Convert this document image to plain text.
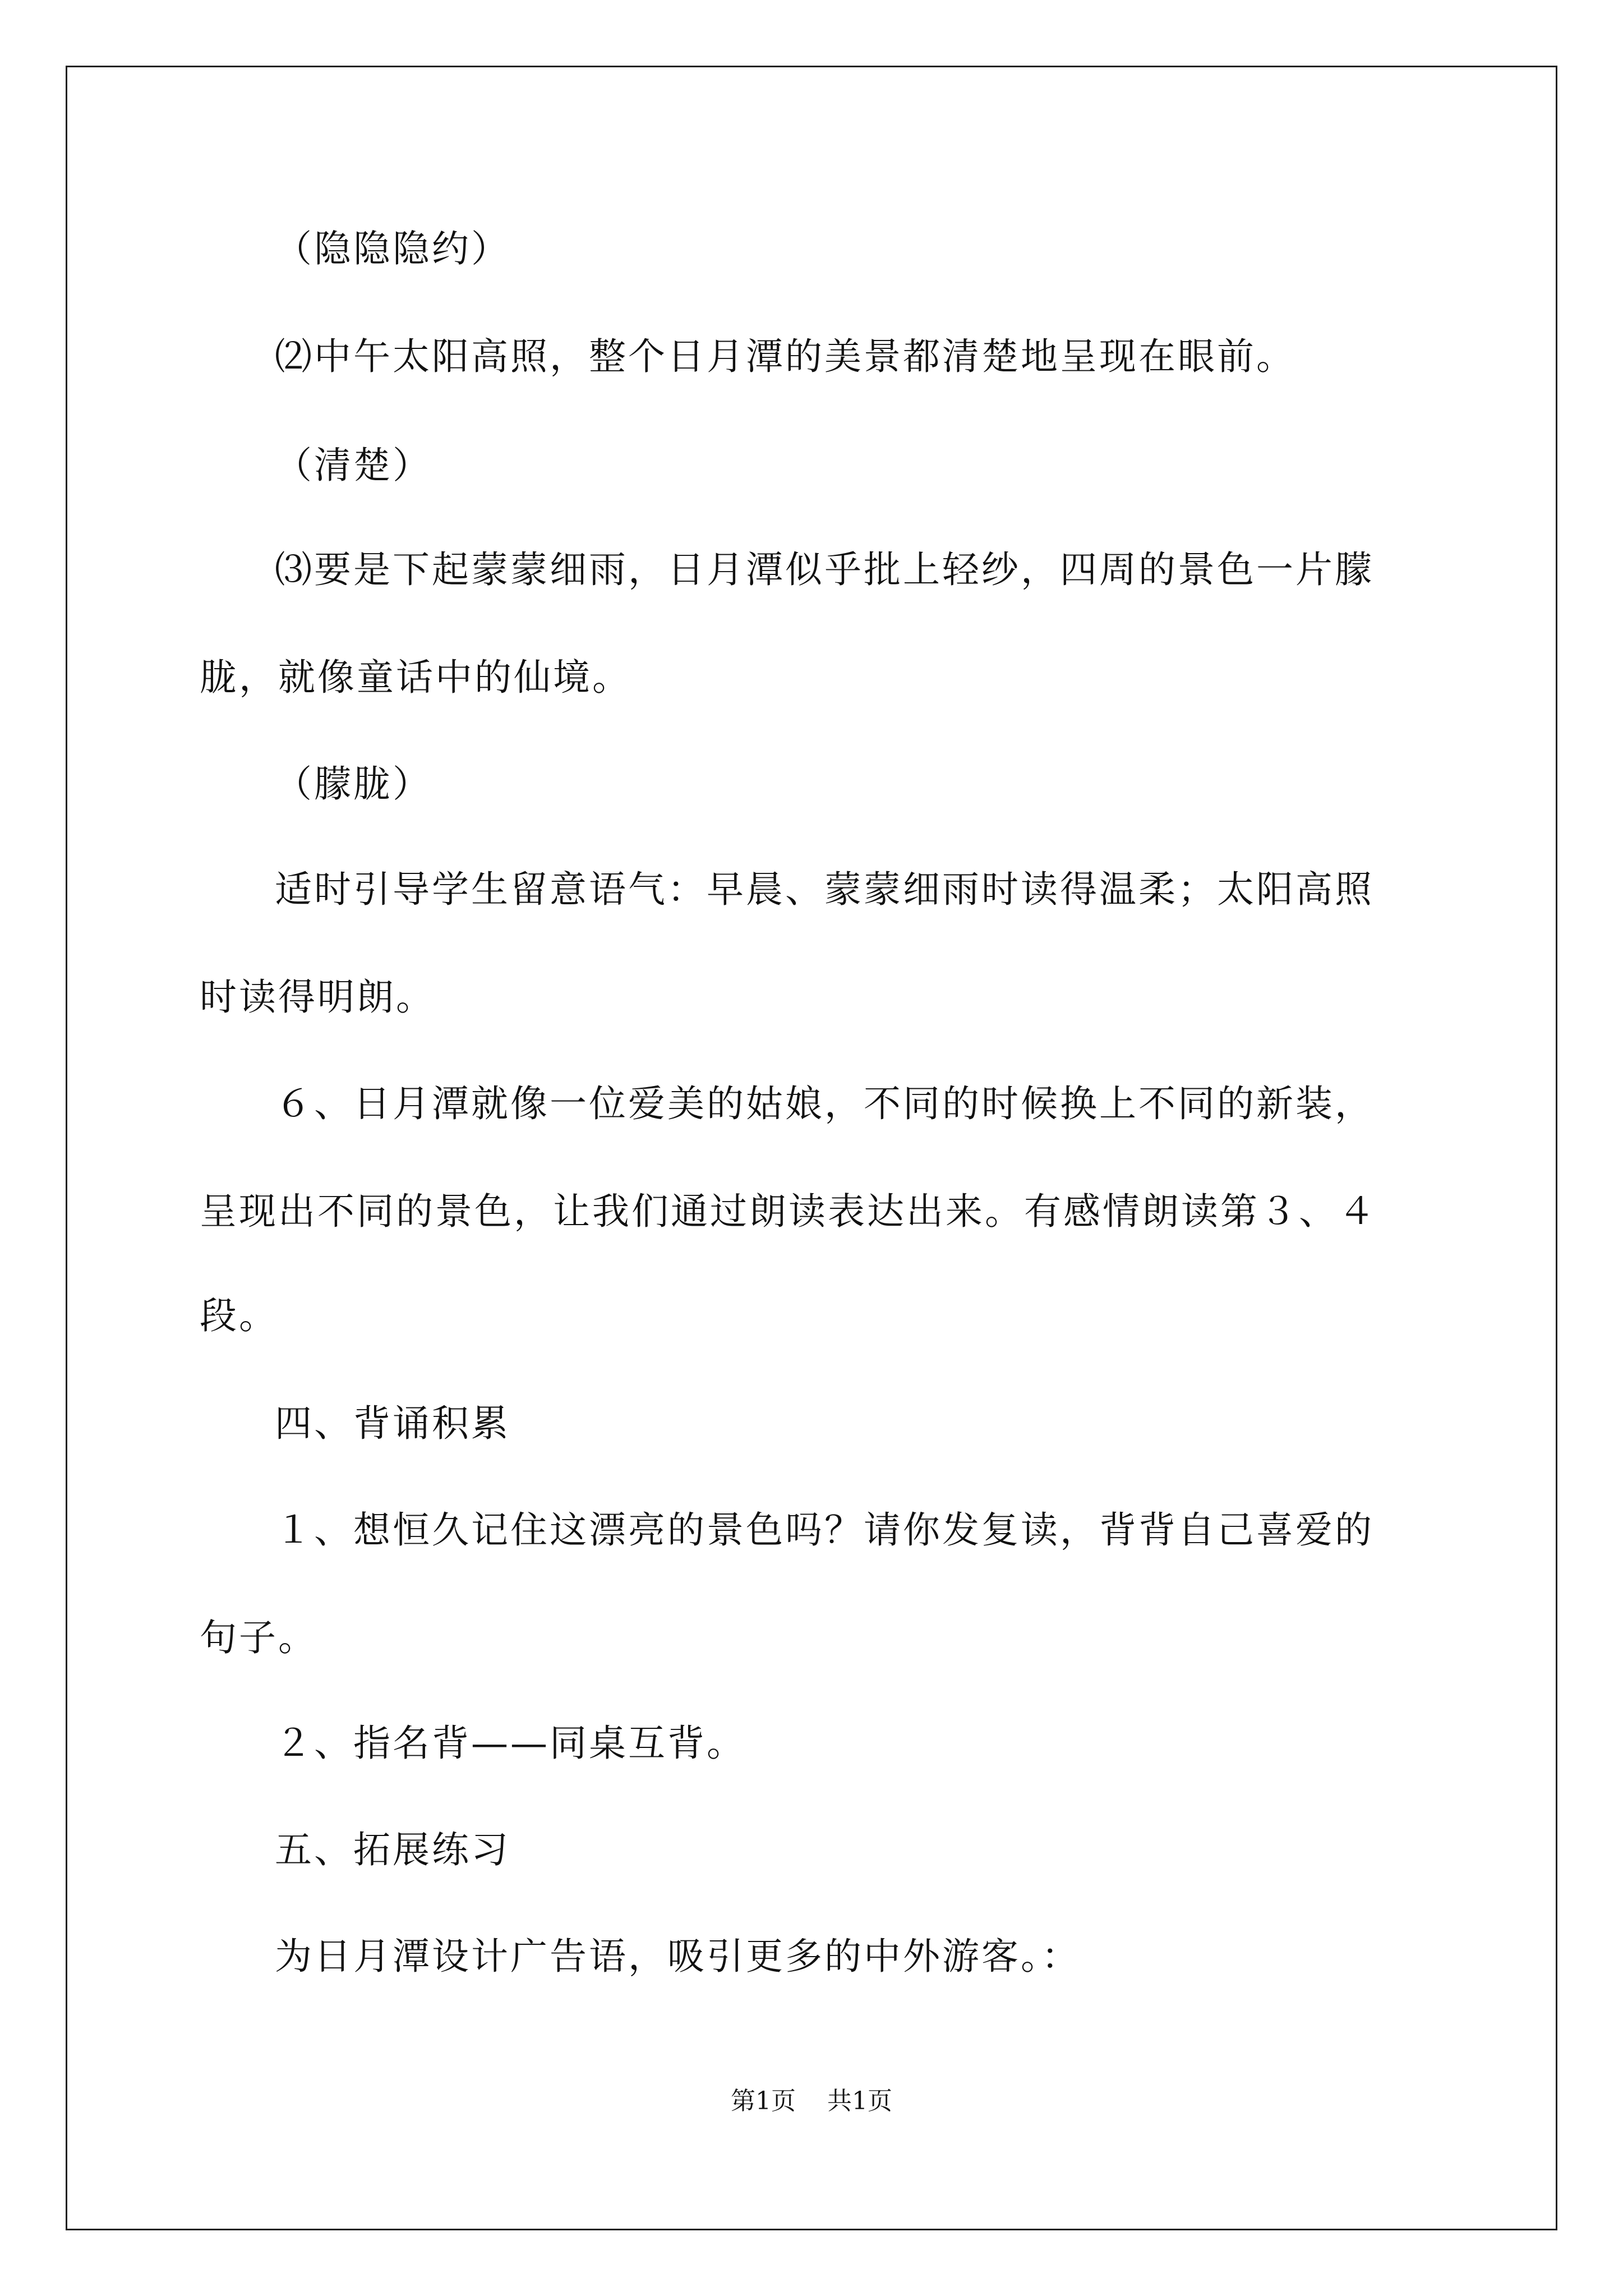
（隐隐隐约）
⑵中午太阳高照，整个日月潭的美景都清楚地呈现在眼前。
（清楚）
⑶要是下起蒙蒙细雨，日月潭似乎批上轻纱，四周的景色一片朦
胧，就像童话中的仙境。
（朦胧）
适时引导学生留意语气：早晨、蒙蒙细雨时读得温柔；太阳高照
时读得明朗。
６、日月潭就像一位爱美的姑娘，不同的时候换上不同的新装，
呈现出不同的景色，让我们通过朗读表达出来。有感情朗读第３、４
段。
四、背诵积累
１、想恒久记住这漂亮的景色吗？请你发复读，背背自己喜爱的
句子。
２、指名背——同桌互背。
五、拓展练习
为日月潭设计广告语，吸引更多的中外游客。：
第1页    共1页
